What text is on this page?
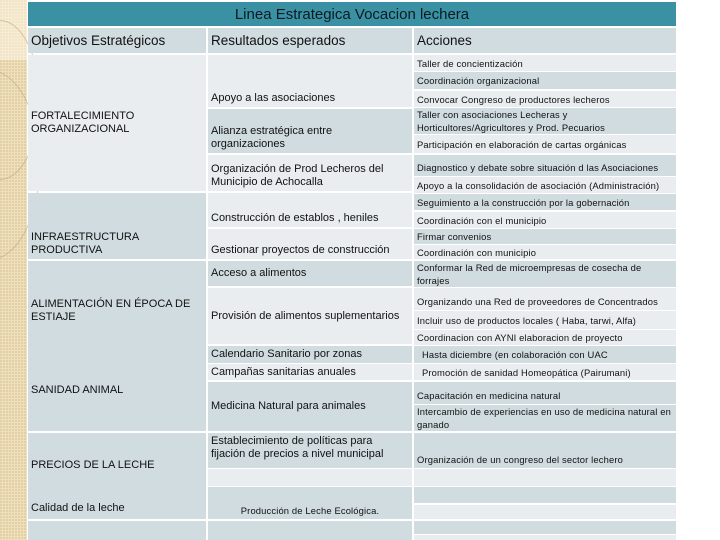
Linea Estrategica Vocacion lechera
Objetivos Estratégicos	Resultados esperados	Acciones
FORTALECIMIENTO ORGANIZACIONAL
INFRAESTRUCTURA PRODUCTIVA
ALIMENTACIÓN EN ÉPOCA DE ESTIAJE
SANIDAD ANIMAL
PRECIOS DE LA LECHE
Calidad de la leche
Apoyo a las asociaciones
Alianza estratégica entre organizaciones
Organización de Prod Lecheros del Municipio de Achocalla
Construcción de establos , heniles
Gestionar proyectos de construcción
Acceso a alimentos
Provisión de alimentos suplementarios
Calendario Sanitario por zonas
Campañas sanitarias anuales
Medicina Natural para animales
Establecimiento de políticas para fijación de precios a nivel municipal
Producción de Leche Ecológica.
Taller de concientización
Coordinación organizacional
Convocar Congreso de productores lecheros
Taller con asociaciones Lecheras y Horticultores/Agricultores y Prod. Pecuarios
Participación en elaboración de cartas orgánicas
Diagnostico y debate sobre situación d las Asociaciones
Apoyo a la consolidación de asociación (Administración)
Seguimiento a la construcción por la gobernación
Coordinación con el municipio
Firmar convenios
Coordinación con municipio
Conformar la Red de microempresas de cosecha de forrajes
Organizando una Red de proveedores de Concentrados
Incluir uso de productos locales ( Haba, tarwi, Alfa)
Coordinacion con AYNI elaboracion de proyecto
Hasta diciembre (en colaboración con UAC
Promoción de sanidad Homeopática (Pairumani)
Capacitación en medicina natural
Intercambio de experiencias en uso de medicina natural en ganado
Organización de un congreso del sector lechero
